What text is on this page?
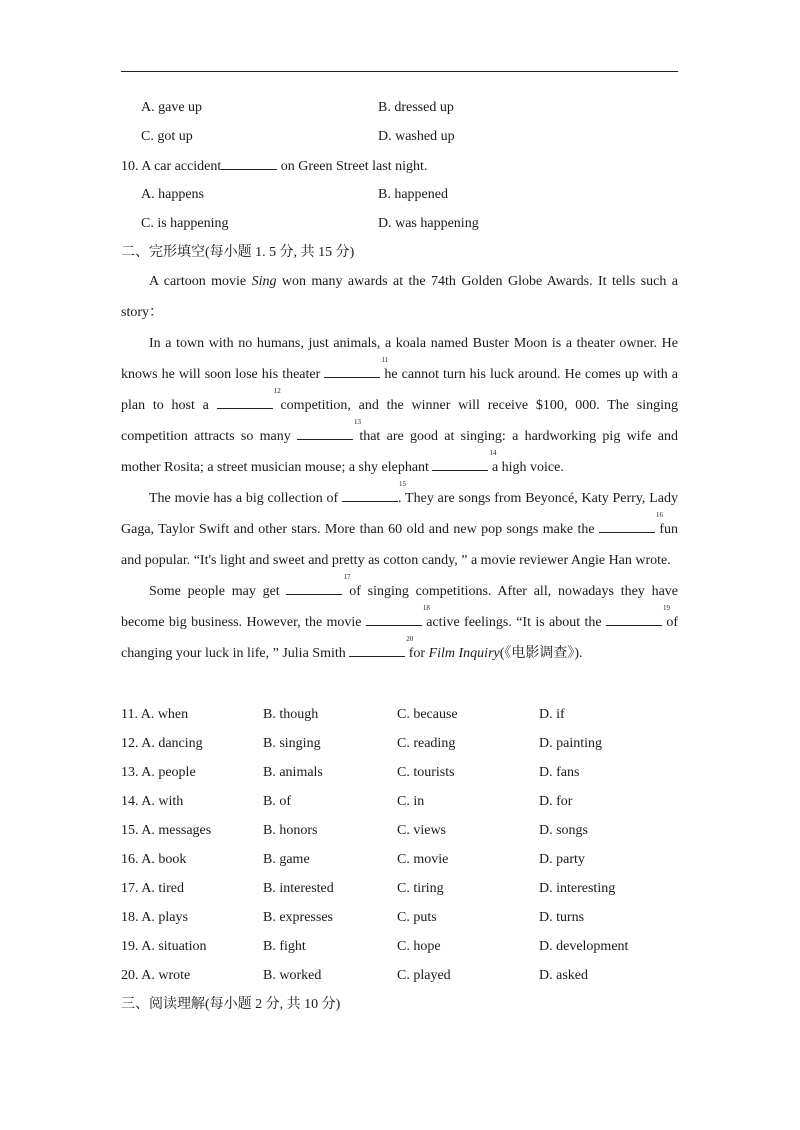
A. gave up	B. dressed up
C. got up	D. washed up
10. A car accident	on Green Street last night.
A. happens	B. happened
C. is happening	D. was happening
二、完形填空(每小题 1. 5 分, 共 15 分)

A cartoon movie Sing won many awards at the 74th Golden Globe Awards. It tells such a story：

In a town with no humans, just animals, a koala named Buster Moon is a theater owner. He knows he will soon lose his theater
11
he cannot turn his luck around. He comes up with a plan to host a
12
competition, and the winner will receive $100, 000. The singing competition attracts so many
13
that are good at singing: a hardworking pig wife and mother Rosita; a street musician mouse; a shy elephant
14
a high voice.

The movie has a big collection of
15
. They are songs from Beyoncé, Katy Perry, Lady Gaga, Taylor Swift and other stars. More than 60 old and new pop songs make the
16
fun and popular. “It's light and sweet and pretty as cotton candy, ” a movie reviewer Angie Han wrote.

Some people may get
17
of singing competitions. After all, nowadays they have become big business. However, the movie
18
active feelings. “It is about the
19
of changing your luck in life, ” Julia Smith
20
for Film Inquiry(《电影调查》).

11. A. when	B. though	C. because	D. if
12. A. dancing	B. singing	C. reading	D. painting
13. A. people	B. animals	C. tourists	D. fans
14. A. with	B. of	C. in	D. for
15. A. messages	B. honors	C. views	D. songs
16. A. book	B. game	C. movie	D. party
17. A. tired	B. interested	C. tiring	D. interesting
18. A. plays	B. expresses	C. puts	D. turns
19. A. situation	B. fight	C. hope	D. development
20. A. wrote	B. worked	C. played	D. asked
三、阅读理解(每小题 2 分, 共 10 分)
